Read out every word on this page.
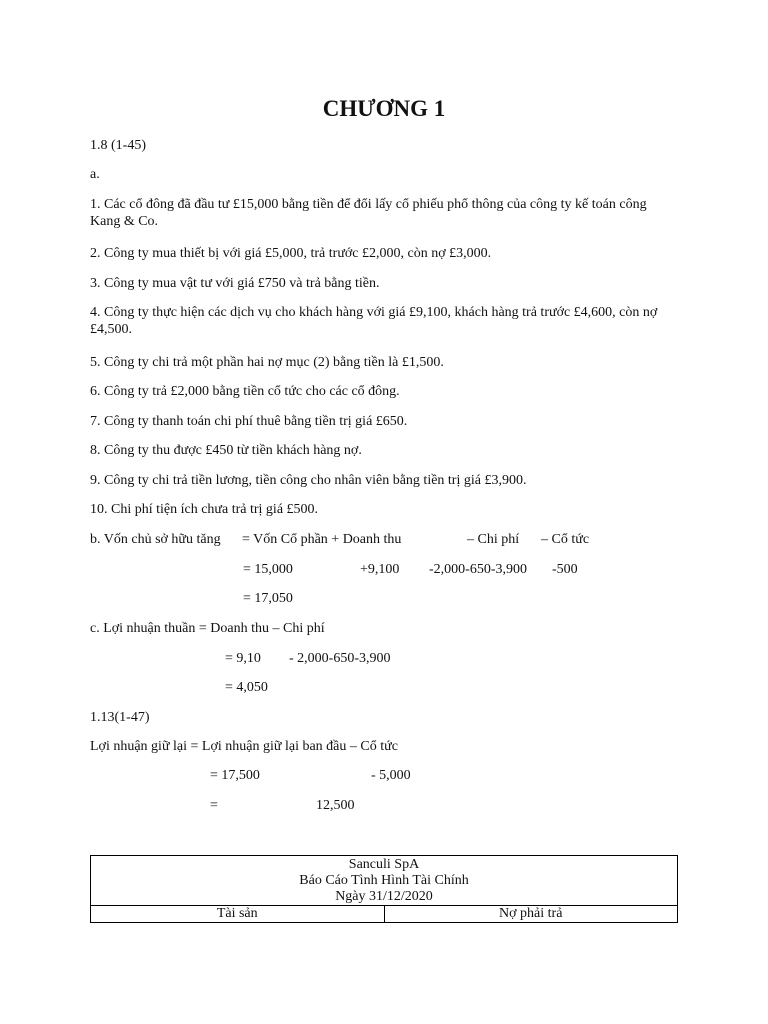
CHƯƠNG 1
1.8 (1-45)
a.
1. Các cổ đông đã đầu tư £15,000 bằng tiền để đổi lấy cổ phiếu phổ thông của công ty kế toán công Kang & Co.
2. Công ty mua thiết bị với giá £5,000, trả trước £2,000, còn nợ £3,000.
3. Công ty mua vật tư với giá £750 và trả bằng tiền.
4. Công ty thực hiện các dịch vụ cho khách hàng với giá £9,100, khách hàng trả trước £4,600, còn nợ £4,500.
5. Công ty chi trả một phần hai nợ mục (2) bằng tiền là £1,500.
6. Công ty trả £2,000 bằng tiền cổ tức cho các cổ đông.
7. Công ty thanh toán chi phí thuê bằng tiền trị giá £650.
8. Công ty thu được £450 từ tiền khách hàng nợ.
9. Công ty chi trả tiền lương, tiền công cho nhân viên bằng tiền trị giá £3,900.
10. Chi phí tiện ích chưa trả trị giá £500.
b. Vốn chủ sở hữu tăng = Vốn Cổ phần + Doanh thu	– Chi phí – Cổ tức
= 15,000	+9,100 -2,000-650-3,900 -500
= 17,050
c. Lợi nhuận thuần = Doanh thu – Chi phí
= 9,10 - 2,000-650-3,900
= 4,050
1.13(1-47)
Lợi nhuận giữ lại = Lợi nhuận giữ lại ban đầu – Cổ tức
= 17,500	- 5,000
=	12,500
Sanculi SpA
Báo Cáo Tình Hình Tài Chính
Ngày 31/12/2020

Tài sản	Nợ phải trả
